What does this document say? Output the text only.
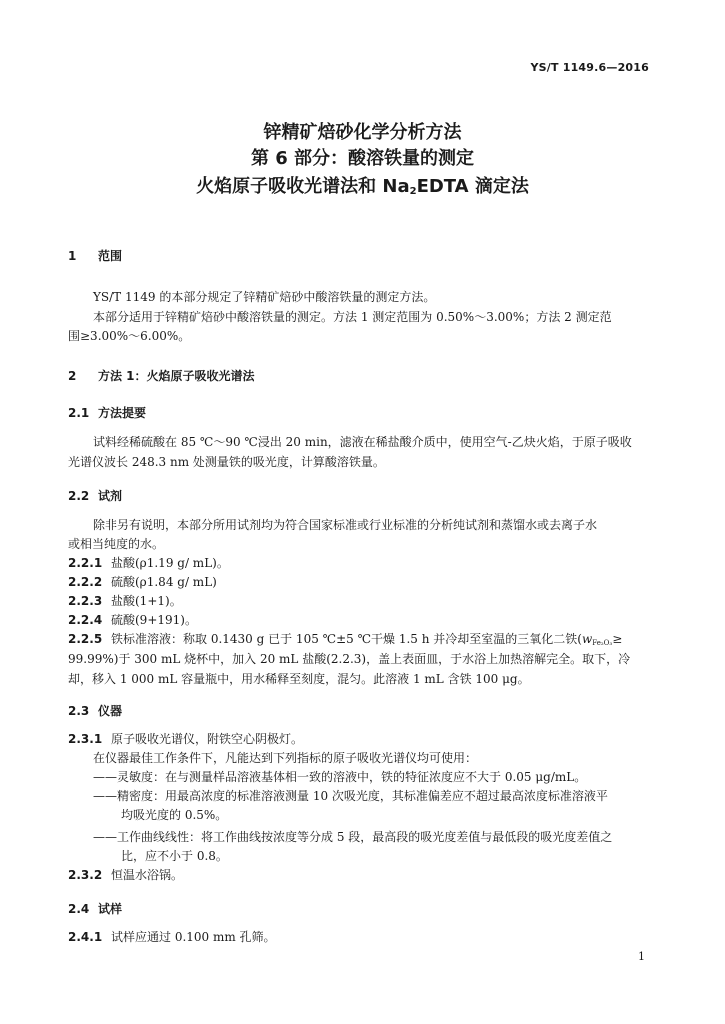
YS/T 1149.6—2016
锌精矿焙砂化学分析方法
第 6 部分：酸溶铁量的测定
火焰原子吸收光谱法和 $Na_2EDTA$ 滴定法
1 范围
YS/T 1149 的本部分规定了锌精矿焙砂中酸溶铁量的测定方法。
本部分适用于锌精矿焙砂中酸溶铁量的测定。方法 1 测定范围为 0.50%～3.00%；方法 2 测定范
围≥3.00%～6.00%。
2 方法 1：火焰原子吸收光谱法
2.1 方法提要
试料经稀硫酸在 85 ℃～90 ℃浸出 20 min，滤液在稀盐酸介质中，使用空气-乙炔火焰，于原子吸收
光谱仪波长 248.3 nm 处测量铁的吸光度，计算酸溶铁量。
2.2 试剂
除非另有说明，本部分所用试剂均为符合国家标准或行业标准的分析纯试剂和蒸馏水或去离子水
或相当纯度的水。
2.2.1 盐酸(ρ1.19 g/ mL)。
2.2.2 硫酸(ρ1.84 g/ mL)
2.2.3 盐酸(1+1)。
2.2.4 硫酸(9+191)。
2.2.5 铁标准溶液：称取 0.1430 g 已于 105 ℃±5 ℃干燥 1.5 h 并冷却至室温的三氧化二铁($w_{Fe_2O_3}\ge$
99.99%)于 300 mL 烧杯中，加入 20 mL 盐酸(2.2.3)，盖上表面皿，于水浴上加热溶解完全。取下，冷
却，移入 1 000 mL 容量瓶中，用水稀释至刻度，混匀。此溶液 1 mL 含铁 100 μg。
2.3 仪器
2.3.1 原子吸收光谱仪，附铁空心阴极灯。
在仪器最佳工作条件下，凡能达到下列指标的原子吸收光谱仪均可使用：
——灵敏度：在与测量样品溶液基体相一致的溶液中，铁的特征浓度应不大于 0.05 μg/mL。
——精密度：用最高浓度的标准溶液测量 10 次吸光度，其标准偏差应不超过最高浓度标准溶液平
均吸光度的 0.5%。
——工作曲线线性：将工作曲线按浓度等分成 5 段，最高段的吸光度差值与最低段的吸光度差值之
比，应不小于 0.8。
2.3.2 恒温水浴锅。
2.4 试样
2.4.1 试样应通过 0.100 mm 孔筛。
1
